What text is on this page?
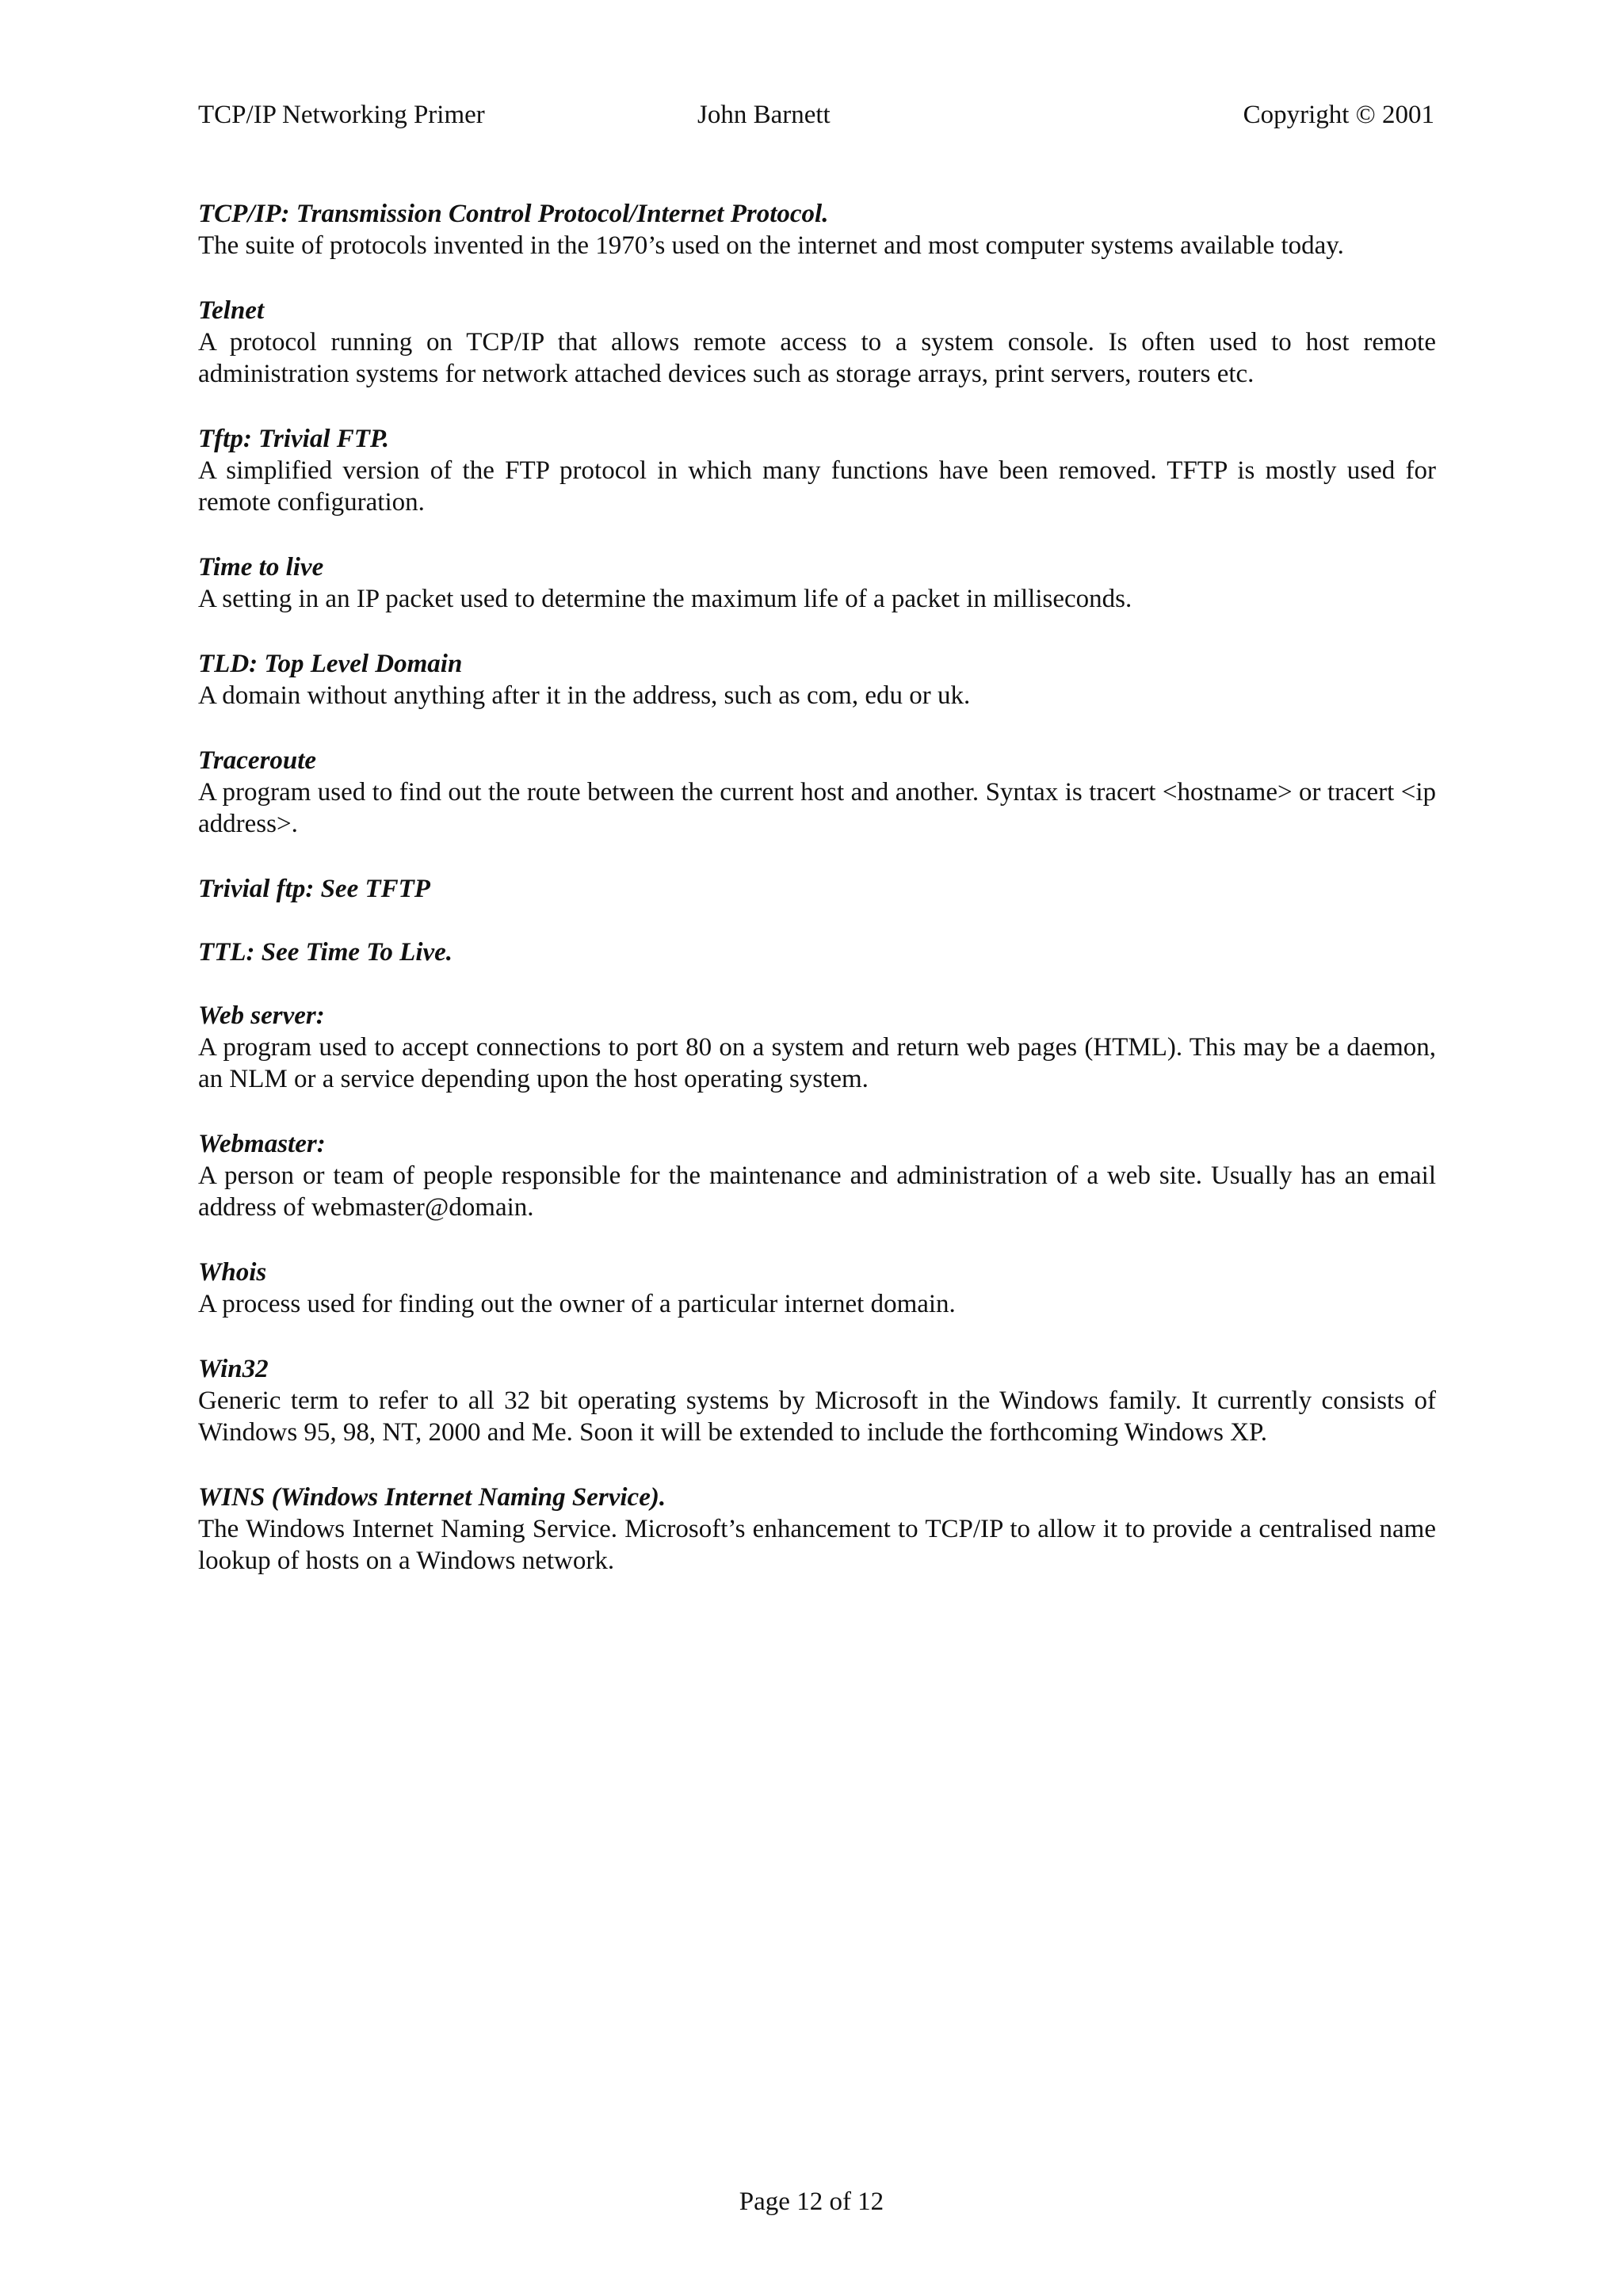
TCP/IP Networking Primer	John Barnett	Copyright © 2001
TCP/IP: Transmission Control Protocol/Internet Protocol.
The suite of protocols invented in the 1970’s used on the internet and most computer systems available today.
Telnet
A protocol running on TCP/IP that allows remote access to a system console. Is often used to host remote administration systems for network attached devices such as storage arrays, print servers, routers etc.
Tftp: Trivial FTP.
A simplified version of the FTP protocol in which many functions have been removed. TFTP is mostly used for remote configuration.
Time to live
A setting in an IP packet used to determine the maximum life of a packet in milliseconds.
TLD: Top Level Domain
A domain without anything after it in the address, such as com, edu or uk.
Traceroute
A program used to find out the route between the current host and another. Syntax is tracert <hostname> or tracert <ip address>.
Trivial ftp: See TFTP
TTL: See Time To Live.
Web server:
A program used to accept connections to port 80 on a system and return web pages (HTML). This may be a daemon, an NLM or a service depending upon the host operating system.
Webmaster:
A person or team of people responsible for the maintenance and administration of a web site. Usually has an email address of webmaster@domain.
Whois
A process used for finding out the owner of a particular internet domain.
Win32
Generic term to refer to all 32 bit operating systems by Microsoft in the Windows family. It currently consists of Windows 95, 98, NT, 2000 and Me. Soon it will be extended to include the forthcoming Windows XP.
WINS (Windows Internet Naming Service).
The Windows Internet Naming Service. Microsoft’s enhancement to TCP/IP to allow it to provide a centralised name lookup of hosts on a Windows network.
Page 12 of 12
